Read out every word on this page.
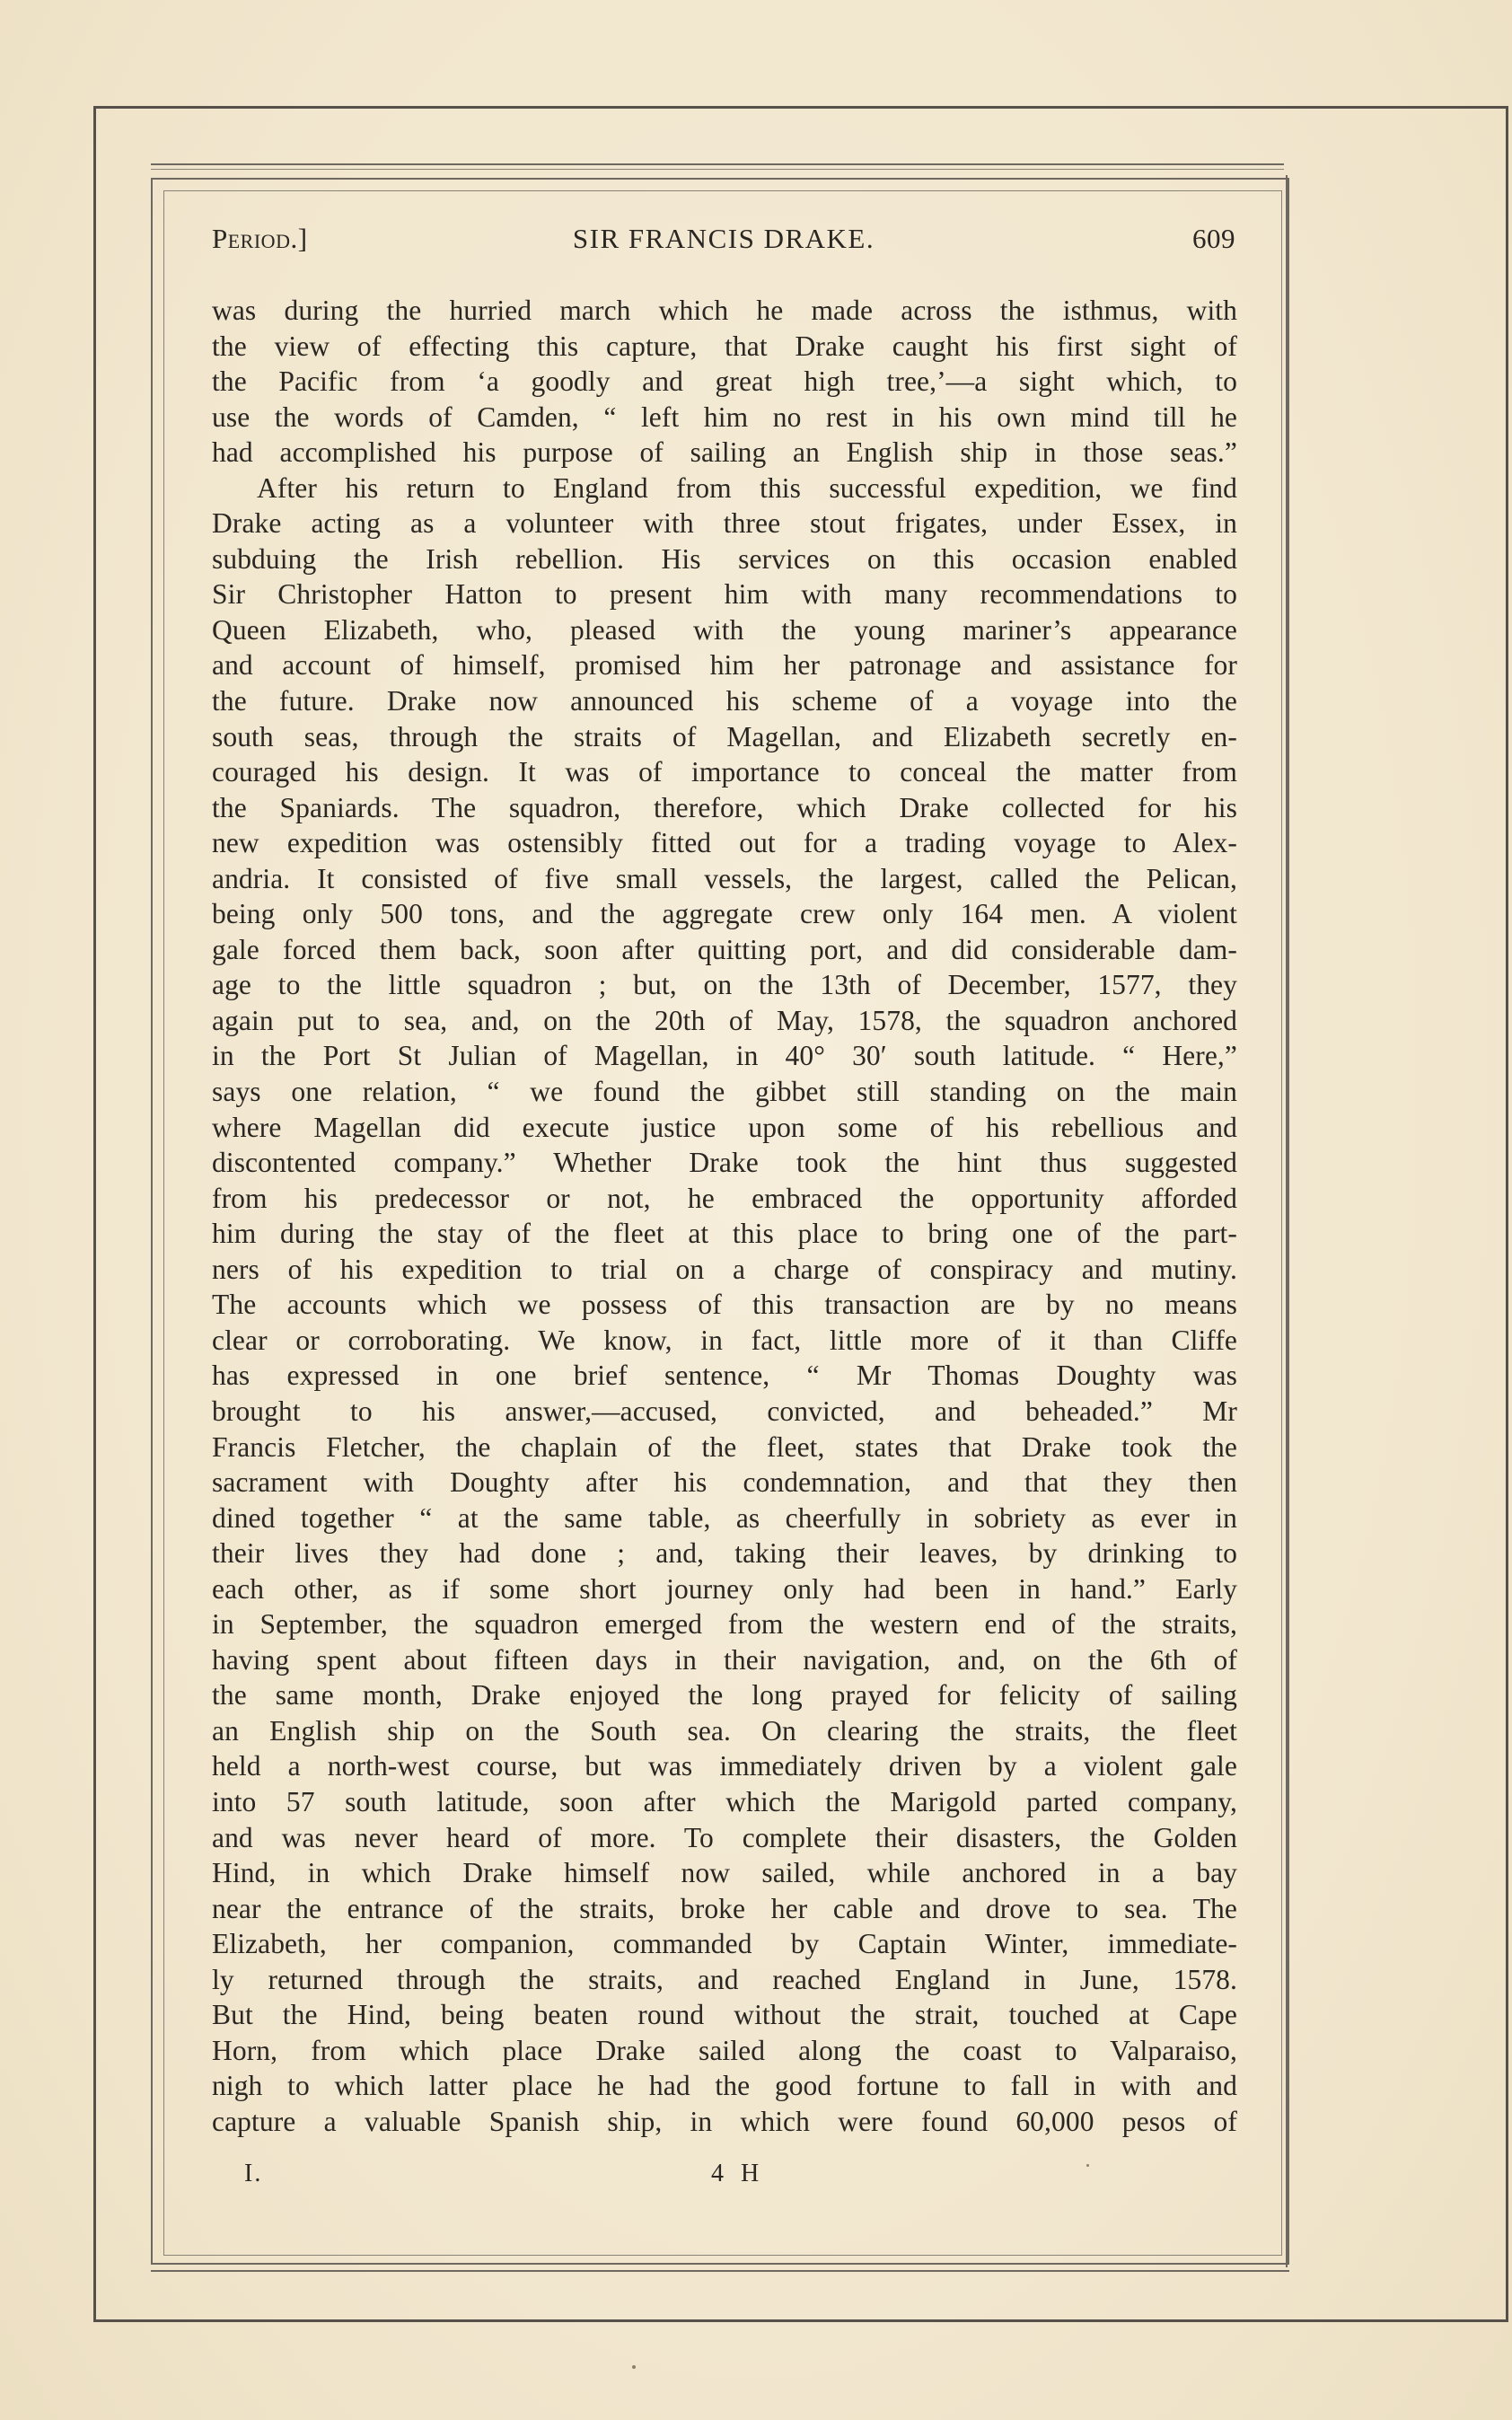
Period.]	SIR FRANCIS DRAKE.	609
was during the hurried march which he made across the isthmus, with
the view of effecting this capture, that Drake caught his first sight of
the Pacific from ‘a goodly and great high tree,’—a sight which, to
use the words of Camden, “ left him no rest in his own mind till he
had accomplished his purpose of sailing an English ship in those seas.”
After his return to England from this successful expedition, we find
Drake acting as a volunteer with three stout frigates, under Essex, in
subduing the Irish rebellion. His services on this occasion enabled
Sir Christopher Hatton to present him with many recommendations to
Queen Elizabeth, who, pleased with the young mariner’s appearance
and account of himself, promised him her patronage and assistance for
the future. Drake now announced his scheme of a voyage into the
south seas, through the straits of Magellan, and Elizabeth secretly en-
couraged his design. It was of importance to conceal the matter from
the Spaniards. The squadron, therefore, which Drake collected for his
new expedition was ostensibly fitted out for a trading voyage to Alex-
andria. It consisted of five small vessels, the largest, called the Pelican,
being only 500 tons, and the aggregate crew only 164 men. A violent
gale forced them back, soon after quitting port, and did considerable dam-
age to the little squadron ; but, on the 13th of December, 1577, they
again put to sea, and, on the 20th of May, 1578, the squadron anchored
in the Port St Julian of Magellan, in 40° 30′ south latitude. “ Here,”
says one relation, “ we found the gibbet still standing on the main
where Magellan did execute justice upon some of his rebellious and
discontented company.” Whether Drake took the hint thus suggested
from his predecessor or not, he embraced the opportunity afforded
him during the stay of the fleet at this place to bring one of the part-
ners of his expedition to trial on a charge of conspiracy and mutiny.
The accounts which we possess of this transaction are by no means
clear or corroborating. We know, in fact, little more of it than Cliffe
has expressed in one brief sentence, “ Mr Thomas Doughty was
brought to his answer,—accused, convicted, and beheaded.” Mr
Francis Fletcher, the chaplain of the fleet, states that Drake took the
sacrament with Doughty after his condemnation, and that they then
dined together “ at the same table, as cheerfully in sobriety as ever in
their lives they had done ; and, taking their leaves, by drinking to
each other, as if some short journey only had been in hand.” Early
in September, the squadron emerged from the western end of the straits,
having spent about fifteen days in their navigation, and, on the 6th of
the same month, Drake enjoyed the long prayed for felicity of sailing
an English ship on the South sea. On clearing the straits, the fleet
held a north-west course, but was immediately driven by a violent gale
into 57 south latitude, soon after which the Marigold parted company,
and was never heard of more. To complete their disasters, the Golden
Hind, in which Drake himself now sailed, while anchored in a bay
near the entrance of the straits, broke her cable and drove to sea. The
Elizabeth, her companion, commanded by Captain Winter, immediate-
ly returned through the straits, and reached England in June, 1578.
But the Hind, being beaten round without the strait, touched at Cape
Horn, from which place Drake sailed along the coast to Valparaiso,
nigh to which latter place he had the good fortune to fall in with and
capture a valuable Spanish ship, in which were found 60,000 pesos of
I.	4 H
